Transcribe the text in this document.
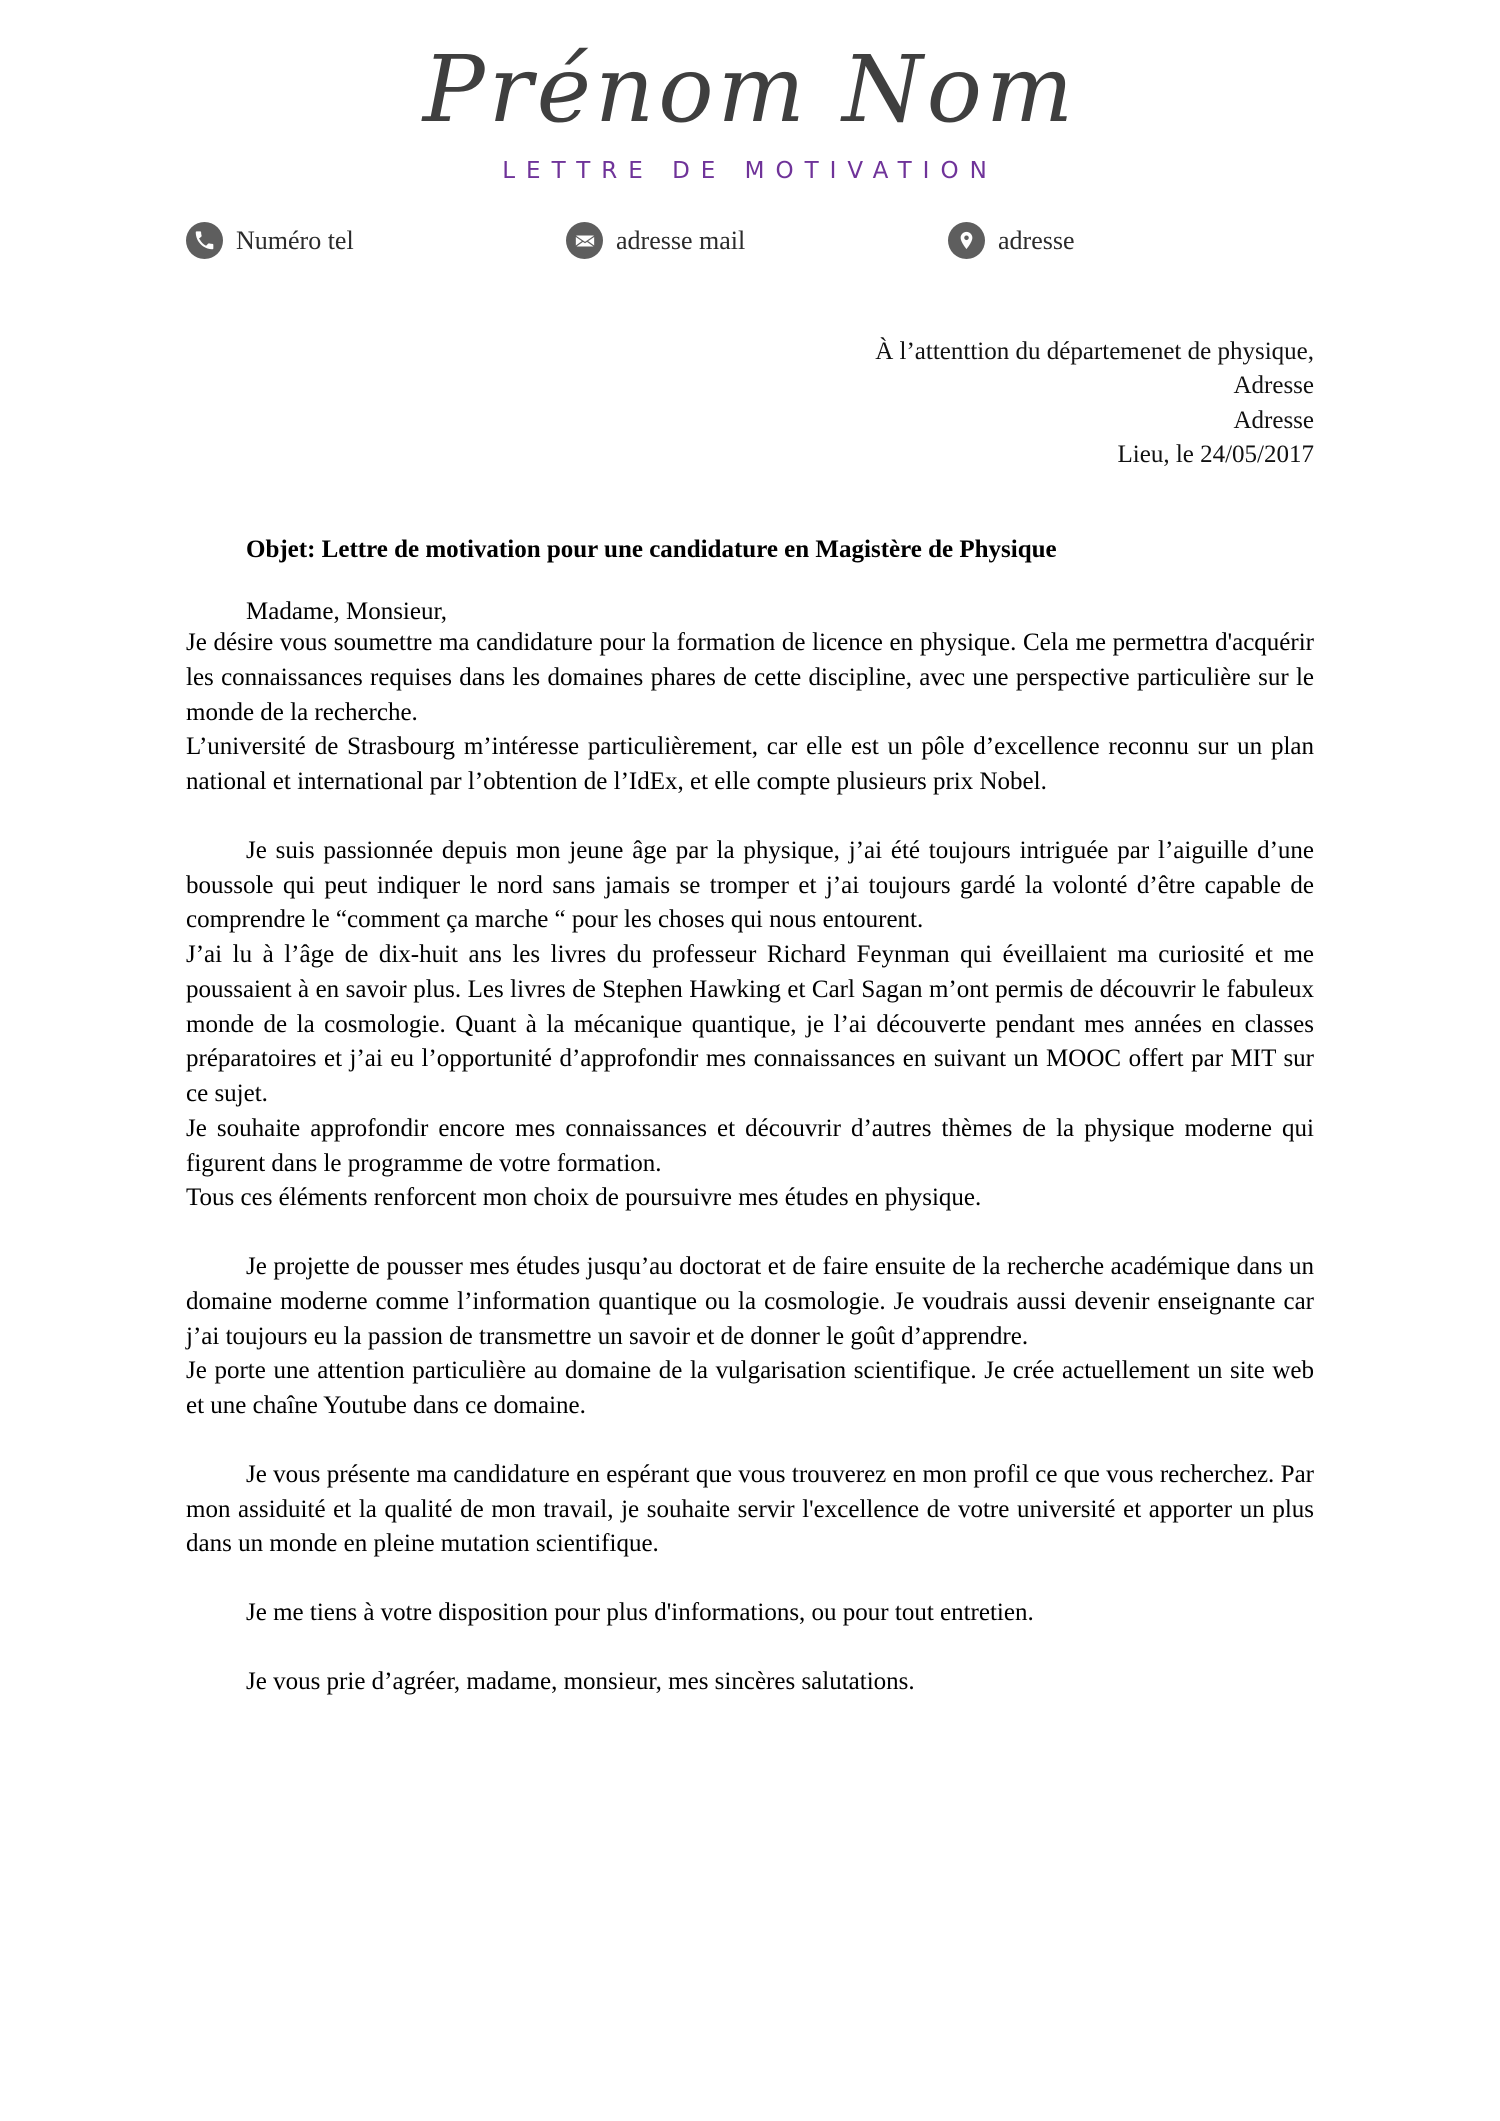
Prénom Nom
LETTRE DE MOTIVATION
Numéro tel	adresse mail	adresse
À l’attenttion du départemenet de physique,
Adresse
Adresse
Lieu, le 24/05/2017
Objet: Lettre de motivation pour une candidature en Magistère de Physique
Madame, Monsieur,

Je désire vous soumettre ma candidature pour la formation de licence en physique. Cela me permettra d'acquérir les connaissances requises dans les domaines phares de cette discipline, avec une perspective particulière sur le monde de la recherche.

L’université de Strasbourg m’intéresse particulièrement, car elle est un pôle d’excellence reconnu sur un plan national et international par l’obtention de l’IdEx, et elle compte plusieurs prix Nobel.

Je suis passionnée depuis mon jeune âge par la physique, j’ai été toujours intriguée par l’aiguille d’une boussole qui peut indiquer le nord sans jamais se tromper et j’ai toujours gardé la volonté d’être capable de comprendre le “comment ça marche “ pour les choses qui nous entourent.

J’ai lu à l’âge de dix-huit ans les livres du professeur Richard Feynman qui éveillaient ma curiosité et me poussaient à en savoir plus. Les livres de Stephen Hawking et Carl Sagan m’ont permis de découvrir le fabuleux monde de la cosmologie. Quant à la mécanique quantique, je l’ai découverte pendant mes années en classes préparatoires et j’ai eu l’opportunité d’approfondir mes connaissances en suivant un MOOC offert par MIT sur ce sujet.

Je souhaite approfondir encore mes connaissances et découvrir d’autres thèmes de la physique moderne qui figurent dans le programme de votre formation.

Tous ces éléments renforcent mon choix de poursuivre mes études en physique.

Je projette de pousser mes études jusqu’au doctorat et de faire ensuite de la recherche académique dans un domaine moderne comme l’information quantique ou la cosmologie. Je voudrais aussi devenir enseignante car j’ai toujours eu la passion de transmettre un savoir et de donner le goût d’apprendre.

Je porte une attention particulière au domaine de la vulgarisation scientifique. Je crée actuellement un site web et une chaîne Youtube dans ce domaine.

Je vous présente ma candidature en espérant que vous trouverez en mon profil ce que vous recherchez. Par mon assiduité et la qualité de mon travail, je souhaite servir l'excellence de votre université et apporter un plus dans un monde en pleine mutation scientifique.

Je me tiens à votre disposition pour plus d'informations, ou pour tout entretien.
Je vous prie d’agréer, madame, monsieur, mes sincères salutations.
